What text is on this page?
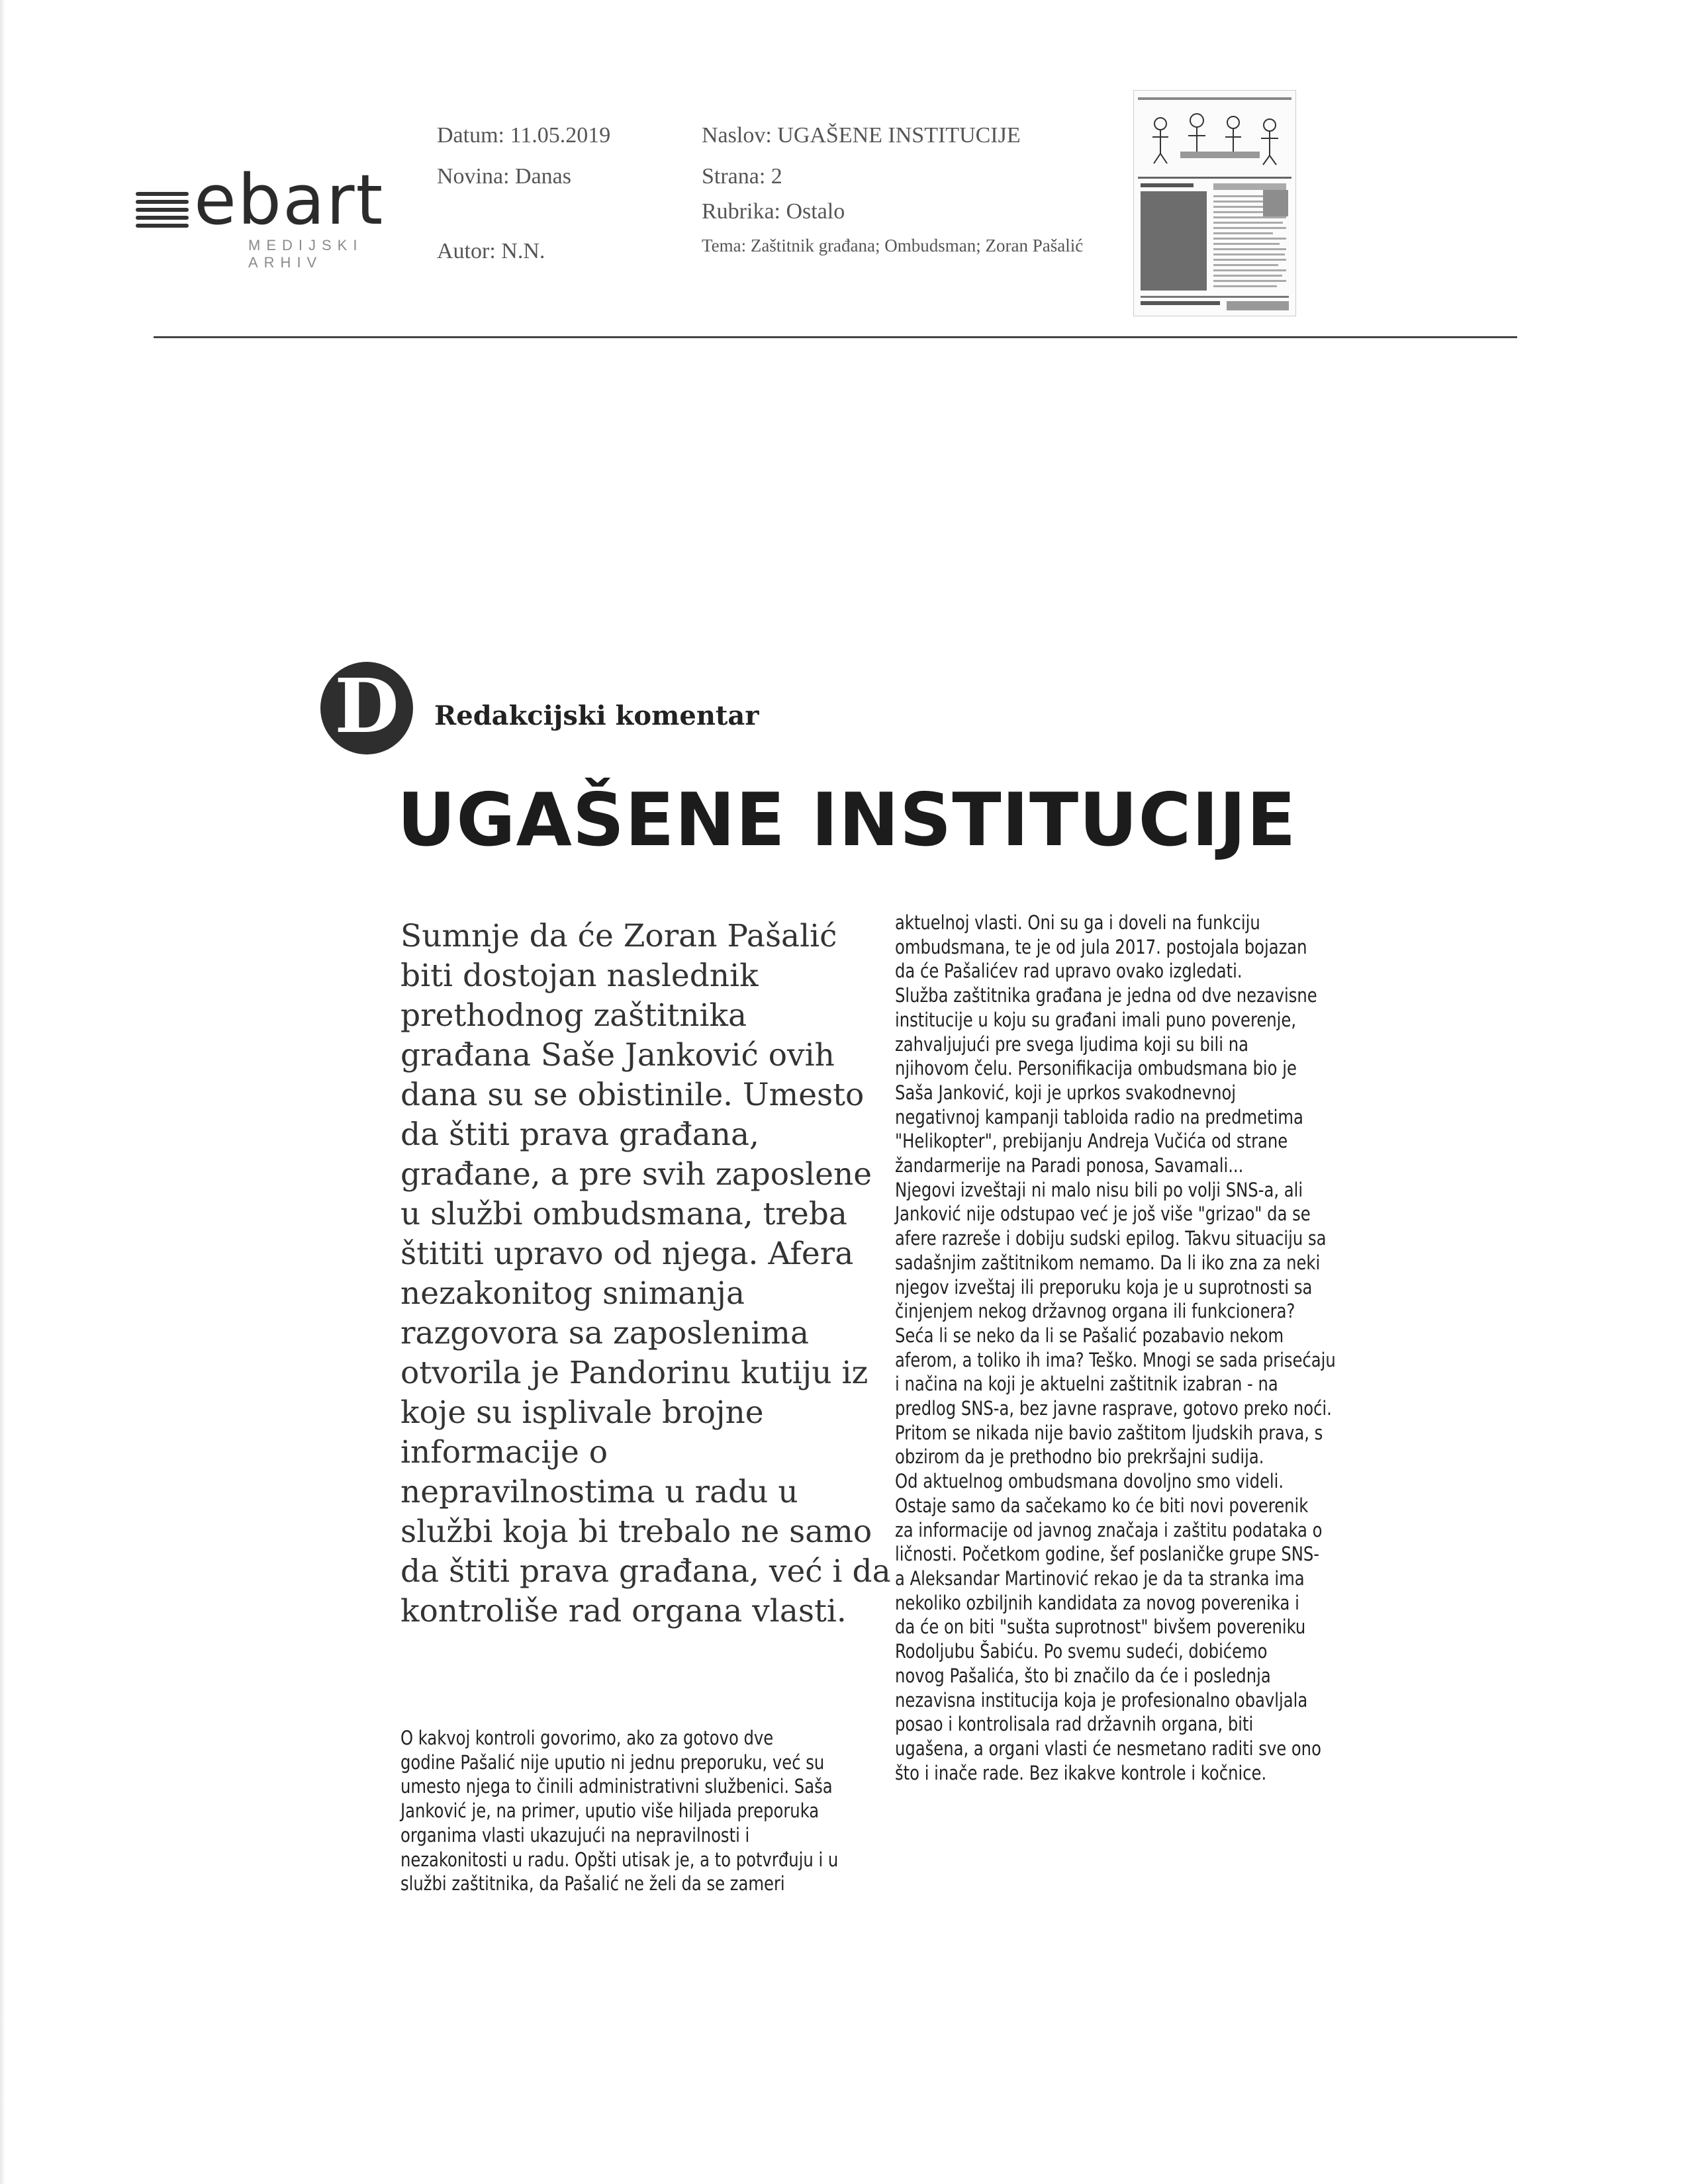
ebart
MEDIJSKI ARHIV
Datum: 11.05.2019
Novina: Danas
Autor: N.N.
Naslov: UGAŠENE INSTITUCIJE
Strana: 2
Rubrika: Ostalo
Tema: Zaštitnik građana; Ombudsman; Zoran Pašalić
D	Redakcijski komentar
UGAŠENE INSTITUCIJE
Sumnje da će Zoran Pašalić
biti dostojan naslednik
prethodnog zaštitnika
građana Saše Janković ovih
dana su se obistinile. Umesto
da štiti prava građana,
građane, a pre svih zaposlene
u službi ombudsmana, treba
štititi upravo od njega. Afera
nezakonitog snimanja
razgovora sa zaposlenima
otvorila je Pandorinu kutiju iz
koje su isplivale brojne
informacije o
nepravilnostima u radu u
službi koja bi trebalo ne samo
da štiti prava građana, već i da
kontroliše rad organa vlasti.
O kakvoj kontroli govorimo, ako za gotovo dve
godine Pašalić nije uputio ni jednu preporuku, već su
umesto njega to činili administrativni službenici. Saša
Janković je, na primer, uputio više hiljada preporuka
organima vlasti ukazujući na nepravilnosti i
nezakonitosti u radu. Opšti utisak je, a to potvrđuju i u
službi zaštitnika, da Pašalić ne želi da se zameri
aktuelnoj vlasti. Oni su ga i doveli na funkciju
ombudsmana, te je od jula 2017. postojala bojazan
da će Pašalićev rad upravo ovako izgledati.
Služba zaštitnika građana je jedna od dve nezavisne
institucije u koju su građani imali puno poverenje,
zahvaljujući pre svega ljudima koji su bili na
njihovom čelu. Personifikacija ombudsmana bio je
Saša Janković, koji je uprkos svakodnevnoj
negativnoj kampanji tabloida radio na predmetima
"Helikopter", prebijanju Andreja Vučića od strane
žandarmerije na Paradi ponosa, Savamali...
Njegovi izveštaji ni malo nisu bili po volji SNS-a, ali
Janković nije odstupao već je još više "grizao" da se
afere razreše i dobiju sudski epilog. Takvu situaciju sa
sadašnjim zaštitnikom nemamo. Da li iko zna za neki
njegov izveštaj ili preporuku koja je u suprotnosti sa
činjenjem nekog državnog organa ili funkcionera?
Seća li se neko da li se Pašalić pozabavio nekom
aferom, a toliko ih ima? Teško. Mnogi se sada prisećaju
i načina na koji je aktuelni zaštitnik izabran - na
predlog SNS-a, bez javne rasprave, gotovo preko noći.
Pritom se nikada nije bavio zaštitom ljudskih prava, s
obzirom da je prethodno bio prekršajni sudija.
Od aktuelnog ombudsmana dovoljno smo videli.
Ostaje samo da sačekamo ko će biti novi poverenik
za informacije od javnog značaja i zaštitu podataka o
ličnosti. Početkom godine, šef poslaničke grupe SNS-
a Aleksandar Martinović rekao je da ta stranka ima
nekoliko ozbiljnih kandidata za novog poverenika i
da će on biti "sušta suprotnost" bivšem povereniku
Rodoljubu Šabiću. Po svemu sudeći, dobićemo
novog Pašalića, što bi značilo da će i poslednja
nezavisna institucija koja je profesionalno obavljala
posao i kontrolisala rad državnih organa, biti
ugašena, a organi vlasti će nesmetano raditi sve ono
što i inače rade. Bez ikakve kontrole i kočnice.
